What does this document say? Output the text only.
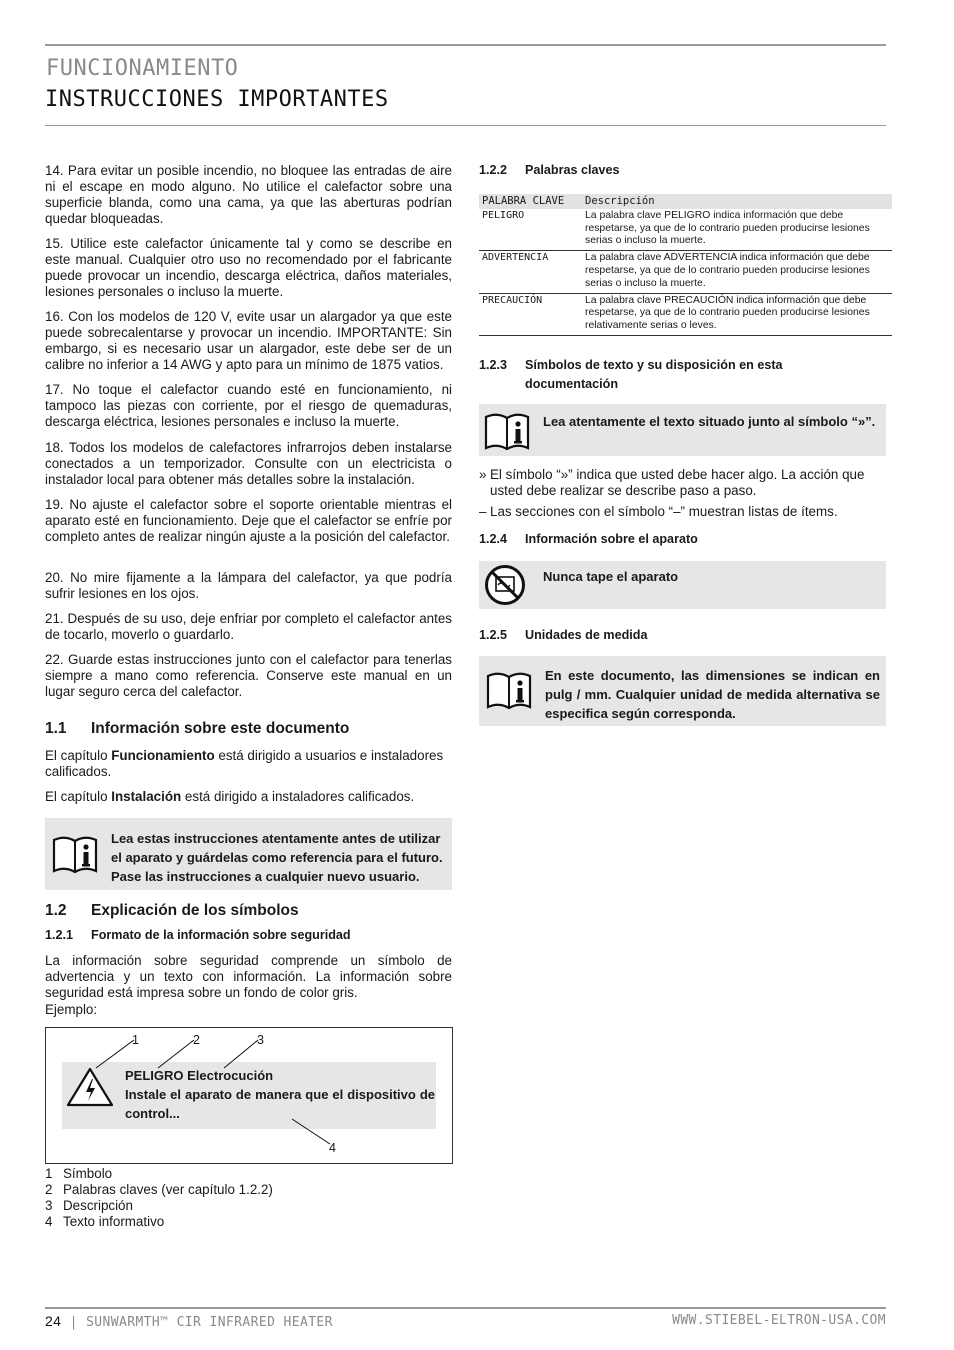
FUNCIONAMIENTO
INSTRUCCIONES IMPORTANTES
14. Para evitar un posible incendio, no bloquee las entradas de aire ni el escape en modo alguno. No utilice el calefactor sobre una superficie blanda, como una cama, ya que las aberturas podrían quedar bloqueadas.
15. Utilice este calefactor únicamente tal y como se describe en este manual. Cualquier otro uso no recomendado por el fabricante puede provocar un incendio, descarga eléctrica, daños materiales, lesiones personales o incluso la muerte.
16. Con los modelos de 120 V, evite usar un alargador ya que este puede sobrecalentarse y provocar un incendio. IMPORTANTE: Sin embargo, si es necesario usar un alargador, este debe ser de un calibre no inferior a 14 AWG y apto para un mínimo de 1875 vatios.
17. No toque el calefactor cuando esté en funcionamiento, ni tampoco las piezas con corriente, por el riesgo de quemaduras, descarga eléctrica, lesiones personales e incluso la muerte.
18. Todos los modelos de calefactores infrarrojos deben instalarse conectados a un temporizador. Consulte con un electricista o instalador local para obtener más detalles sobre la instalación.
19. No ajuste el calefactor sobre el soporte orientable mientras el aparato esté en funcionamiento. Deje que el calefactor se enfríe por completo antes de realizar ningún ajuste a la posición del calefactor.
20. No mire fijamente a la lámpara del calefactor, ya que podría sufrir lesiones en los ojos.
21. Después de su uso, deje enfriar por completo el calefactor antes de tocarlo, moverlo o guardarlo.
22. Guarde estas instrucciones junto con el calefactor para tenerlas siempre a mano como referencia. Conserve este manual en un lugar seguro cerca del calefactor.
1.1 Información sobre este documento
El capítulo Funcionamiento está dirigido a usuarios e instaladores calificados.
El capítulo Instalación está dirigido a instaladores calificados.
Lea estas instrucciones atentamente antes de utilizar el aparato y guárdelas como referencia para el futuro. Pase las instrucciones a cualquier nuevo usuario.
1.2 Explicación de los símbolos
1.2.1 Formato de la información sobre seguridad
La información sobre seguridad comprende un símbolo de advertencia y un texto con información. La información sobre seguridad está impresa sobre un fondo de color gris.
Ejemplo:
PELIGRO Electrocución
Instale el aparato de manera que el dispositivo de control...
1	2	3
4
1 Símbolo
2 Palabras claves (ver capítulo 1.2.2)
3 Descripción
4 Texto informativo
1.2.2 Palabras claves
PALABRA CLAVE	Descripción
PELIGRO	La palabra clave PELIGRO indica información que debe respetarse, ya que de lo contrario pueden producirse lesiones serias o incluso la muerte.
ADVERTENCIA	La palabra clave ADVERTENCIA indica información que debe respetarse, ya que de lo contrario pueden producirse lesiones serias o incluso la muerte.
PRECAUCIÓN	La palabra clave PRECAUCIÓN indica información que debe respetarse, ya que de lo contrario pueden producirse lesiones relativamente serias o leves.
1.2.3 Símbolos de texto y su disposición en esta
documentación
Lea atentamente el texto situado junto al símbolo “»”.
» El símbolo “»” indica que usted debe hacer algo. La acción que usted debe realizar se describe paso a paso.
– Las secciones con el símbolo “–” muestran listas de ítems.
1.2.4 Información sobre el aparato
Nunca tape el aparato
1.2.5 Unidades de medida
En este documento, las dimensiones se indican en pulg / mm. Cualquier unidad de medida alternativa se especifica según corresponda.
24 | SUNWARMTH™ CIR INFRARED HEATER	WWW.STIEBEL-ELTRON-USA.COM
